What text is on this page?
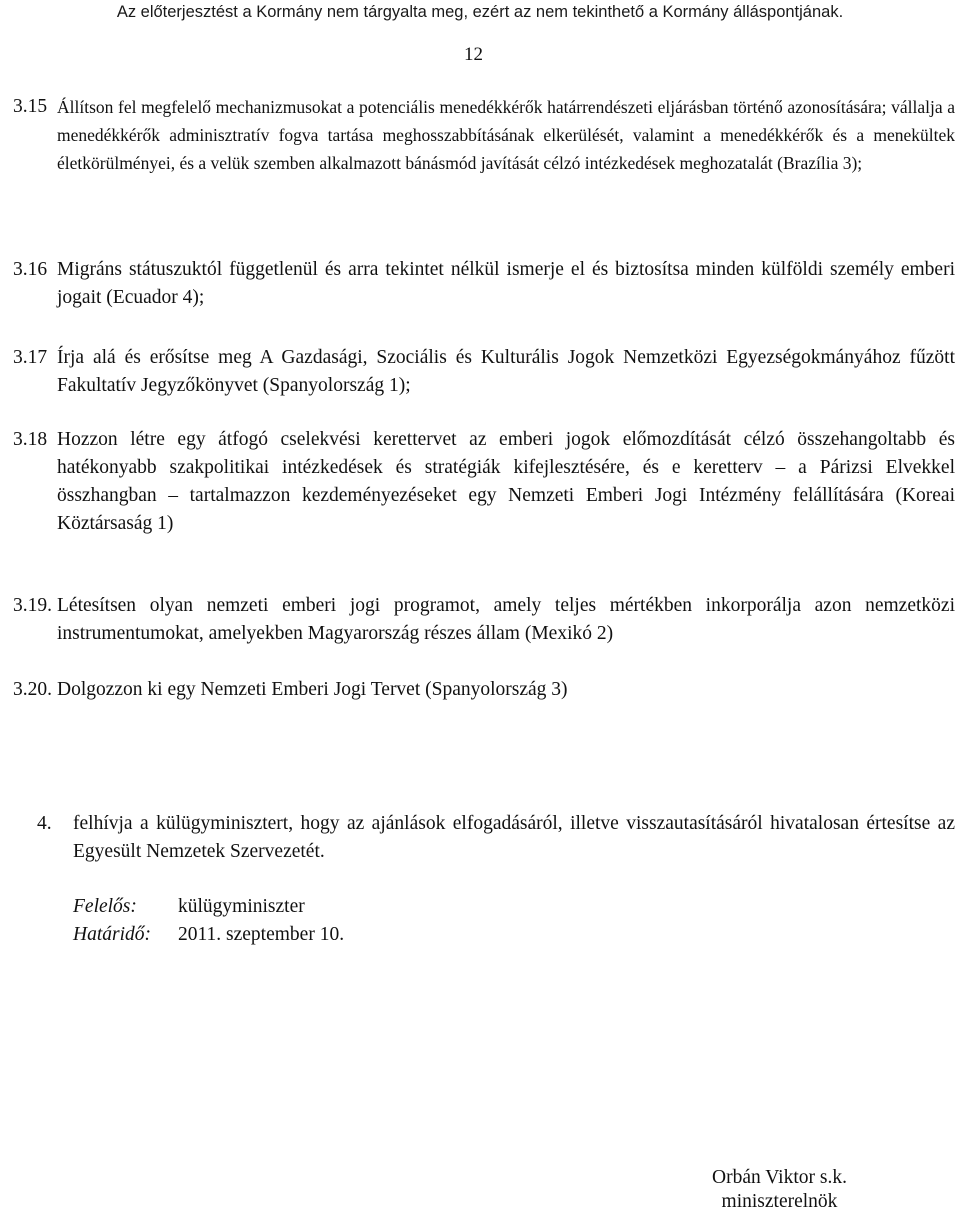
Az előterjesztést a Kormány nem tárgyalta meg, ezért az nem tekinthető a Kormány álláspontjának.
12
3.15 Állítson fel megfelelő mechanizmusokat a potenciális menedékkérők határrendészeti eljárásban történő azonosítására; vállalja a menedékkérők adminisztratív fogva tartása meghosszabbításának elkerülését, valamint a menedékkérők és a menekültek életkörülményei, és a velük szemben alkalmazott bánásmód javítását célzó intézkedések meghozatalát (Brazília 3);
3.16 Migráns státuszuktól függetlenül és arra tekintet nélkül ismerje el és biztosítsa minden külföldi személy emberi jogait (Ecuador 4);
3.17 Írja alá és erősítse meg A Gazdasági, Szociális és Kulturális Jogok Nemzetközi Egyezségokmányához fűzött Fakultatív Jegyzőkönyvet (Spanyolország 1);
3.18 Hozzon létre egy átfogó cselekvési kerettervet az emberi jogok előmozdítását célzó összehangoltabb és hatékonyabb szakpolitikai intézkedések és stratégiák kifejlesztésére, és e keretterv ‒ a Párizsi Elvekkel összhangban ‒ tartalmazzon kezdeményezéseket egy Nemzeti Emberi Jogi Intézmény felállítására (Koreai Köztársaság 1)
3.19. Létesítsen olyan nemzeti emberi jogi programot, amely teljes mértékben inkorporálja azon nemzetközi instrumentumokat, amelyekben Magyarország részes állam (Mexikó 2)
3.20. Dolgozzon ki egy Nemzeti Emberi Jogi Tervet (Spanyolország 3)
4. felhívja a külügyminisztert, hogy az ajánlások elfogadásáról, illetve visszautasításáról hivatalosan értesítse az Egyesült Nemzetek Szervezetét.
Felelős: külügyminiszter
Határidő: 2011. szeptember 10.
Orbán Viktor s.k.
miniszterelnök
